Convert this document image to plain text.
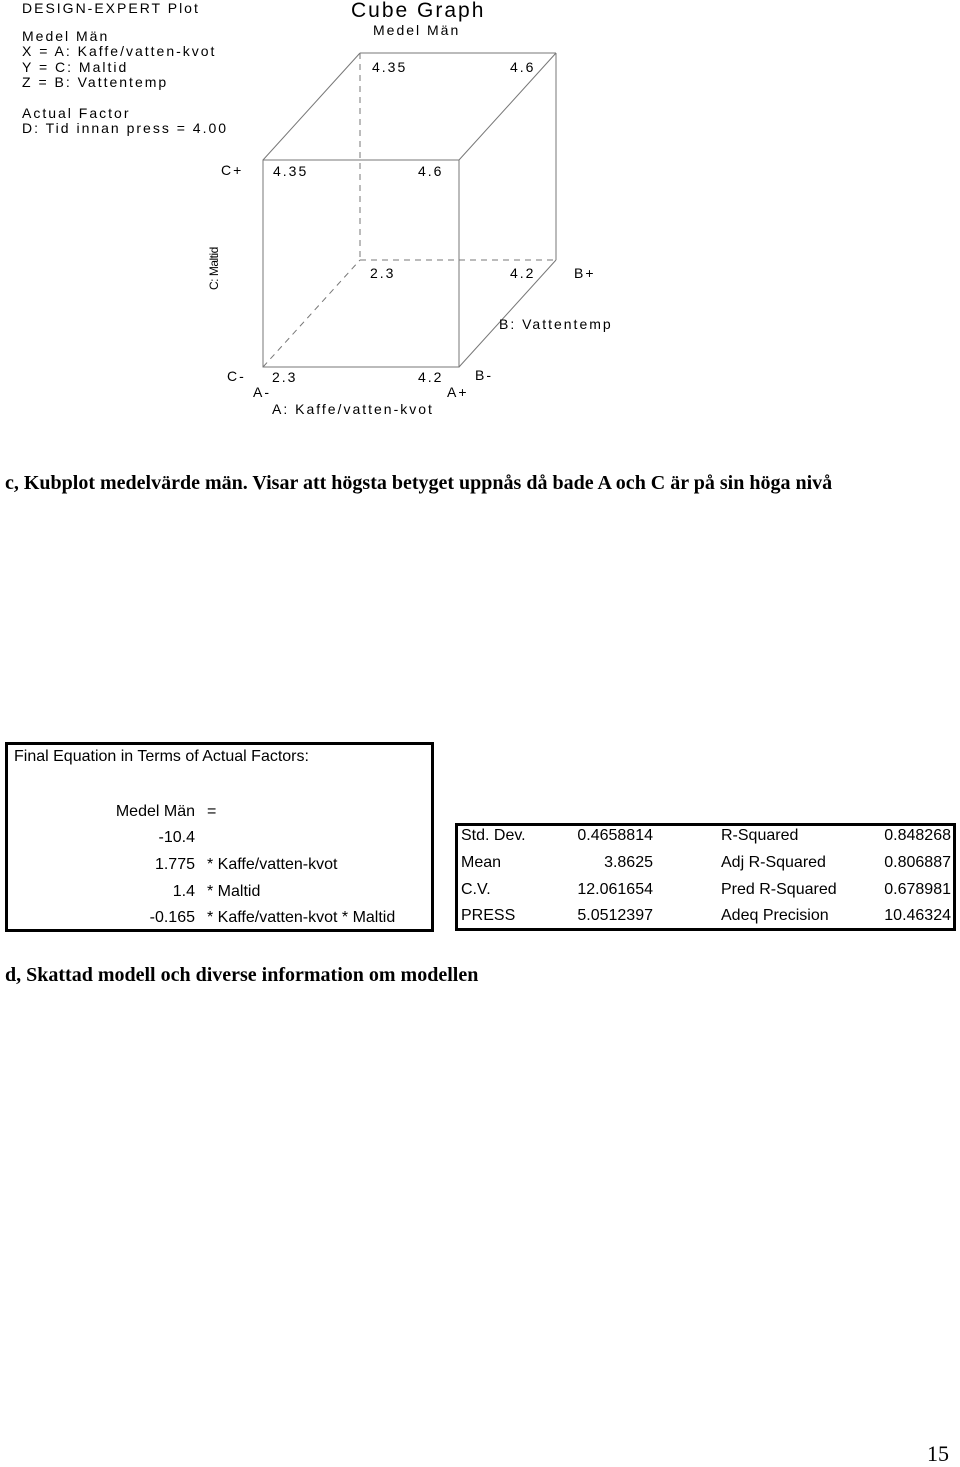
DESIGN-EXPERT Plot
Medel Män
X = A: Kaffe/vatten-kvot
Y = C: Maltid
Z = B: Vattentemp
Actual Factor
D: Tid innan press = 4.00
Cube Graph
Medel Män
4.35	4.6
4.35	4.6
2.3	4.2
2.3	4.2
C+
C-
C: Maltid	B+
B-
B: Vattentemp
A-	A+
A: Kaffe/vatten-kvot
c, Kubplot medelvärde män. Visar att högsta betyget uppnås då bade A och C är på sin höga nivå
Final Equation in Terms of Actual Factors:
Medel Män =
-10.4
1.775 * Kaffe/vatten-kvot
1.4 * Maltid
-0.165 * Kaffe/vatten-kvot * Maltid
Std. Dev.	0.4658814	R-Squared	0.848268
Mean	3.8625	Adj R-Squared	0.806887
C.V.	12.061654	Pred R-Squared	0.678981
PRESS	5.0512397	Adeq Precision	10.46324
d, Skattad modell och diverse information om modellen
15
